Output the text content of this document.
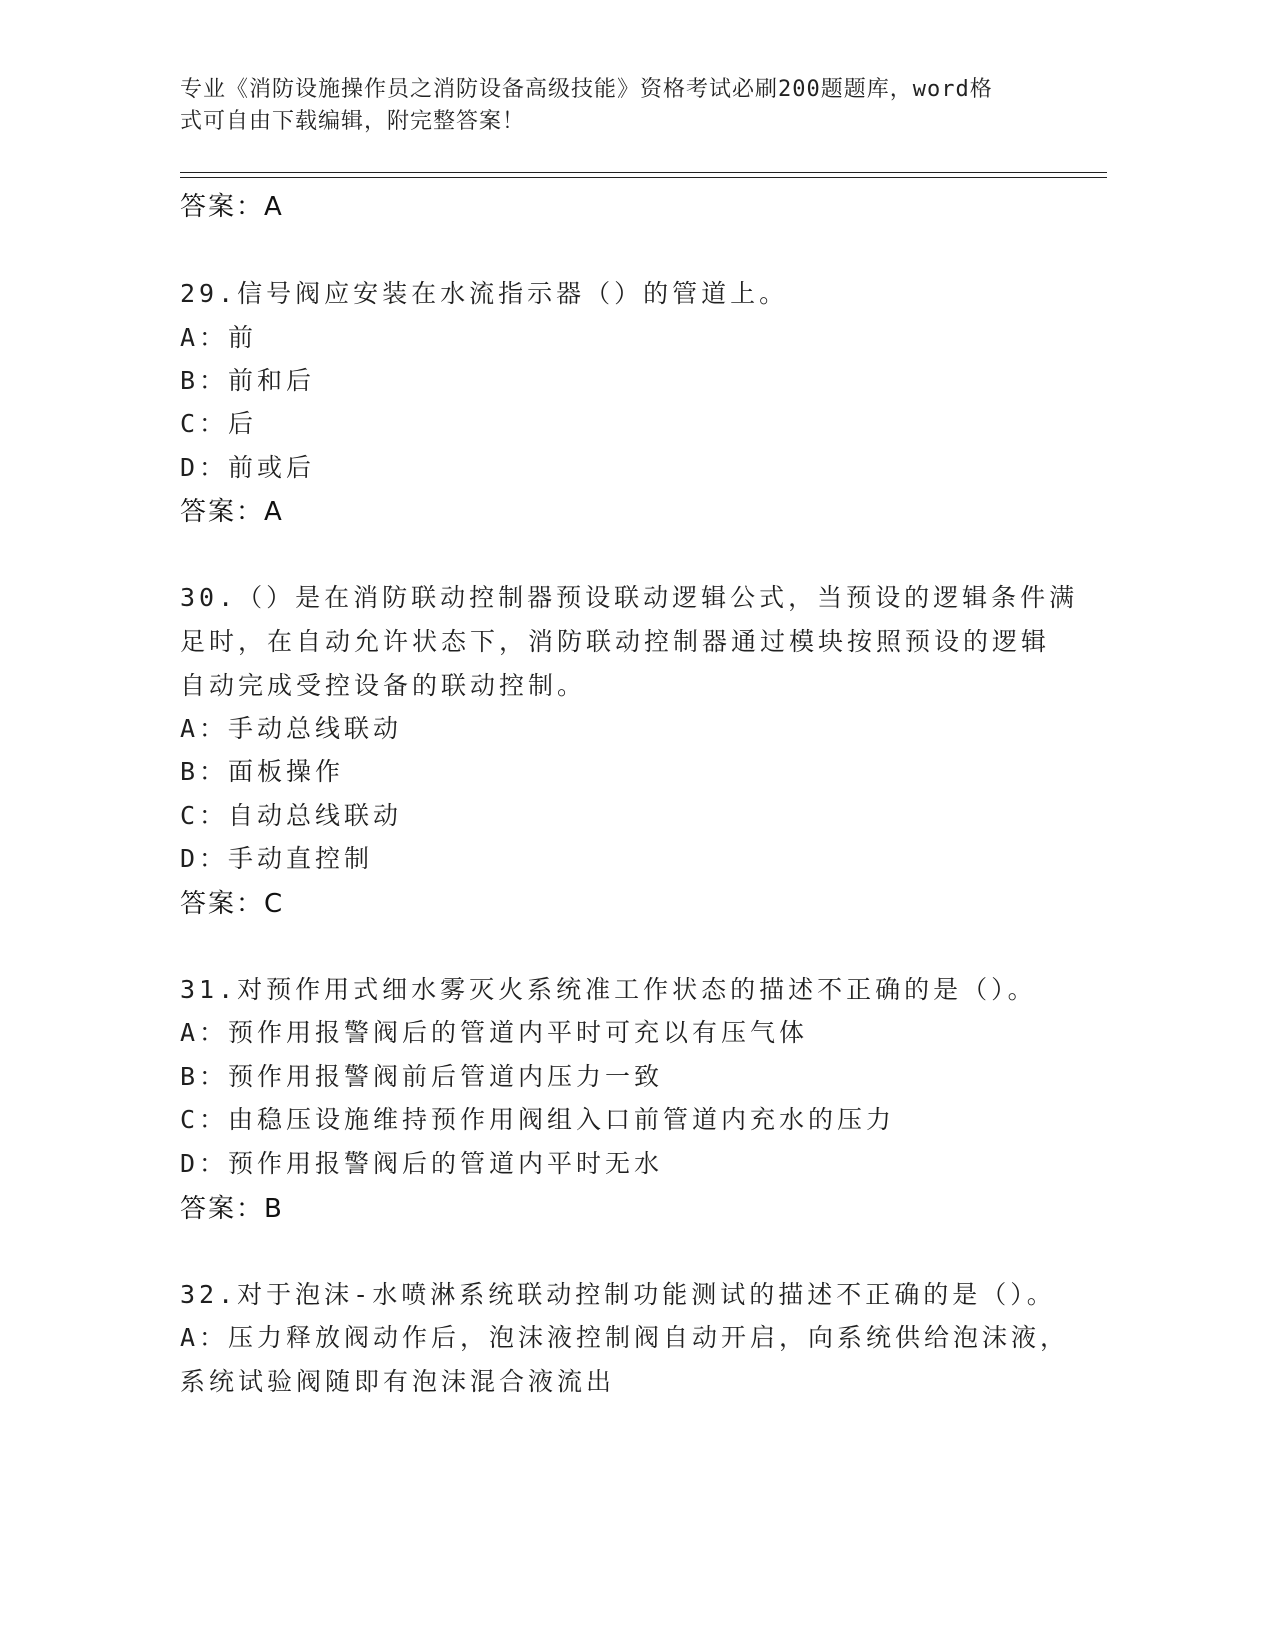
专业《消防设施操作员之消防设备高级技能》资格考试必刷200题题库，word格
式可自由下载编辑，附完整答案！
答案：A
29.信号阀应安装在水流指示器（）的管道上。
A：前
B：前和后
C：后
D：前或后
答案：A
30.（）是在消防联动控制器预设联动逻辑公式，当预设的逻辑条件满
足时，在自动允许状态下，消防联动控制器通过模块按照预设的逻辑
自动完成受控设备的联动控制。
A：手动总线联动
B：面板操作
C：自动总线联动
D：手动直控制
答案：C
31.对预作用式细水雾灭火系统准工作状态的描述不正确的是（）。
A：预作用报警阀后的管道内平时可充以有压气体
B：预作用报警阀前后管道内压力一致
C：由稳压设施维持预作用阀组入口前管道内充水的压力
D：预作用报警阀后的管道内平时无水
答案：B
32.对于泡沫-水喷淋系统联动控制功能测试的描述不正确的是（）。
A：压力释放阀动作后，泡沫液控制阀自动开启，向系统供给泡沫液，
系统试验阀随即有泡沫混合液流出
